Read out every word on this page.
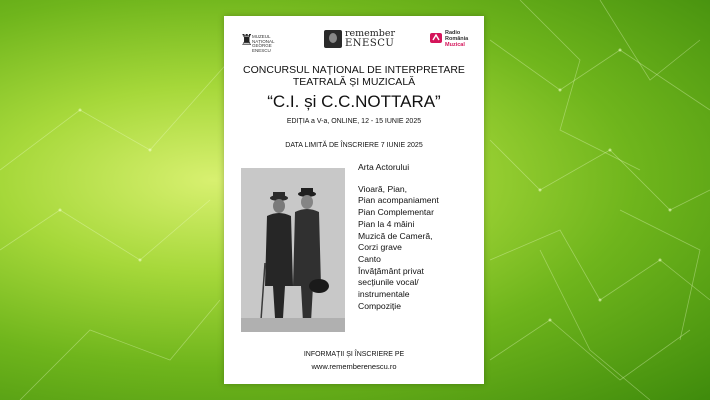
♜
MUZEUL
NAȚIONAL
GEORGE
ENESCU
remember
ENESCU
Radio
România
Muzical
CONCURSUL NAȚIONAL DE INTERPRETARE
TEATRALĂ ȘI MUZICALĂ
“C.I. și C.C.NOTTARA”
EDIȚIA a V-a, ONLINE, 12 - 15 IUNIE 2025
DATA LIMITĂ DE ÎNSCRIERE 7 IUNIE 2025
Arta Actorului
Vioară, Pian,
Pian acompaniament
Pian Complementar
Pian la 4 mâini
Muzică de Cameră,
Corzi grave
Canto
Învățământ privat
secțiunile vocal/
instrumentale
Compoziție
INFORMAȚII ȘI ÎNSCRIERE PE
www.rememberenescu.ro
